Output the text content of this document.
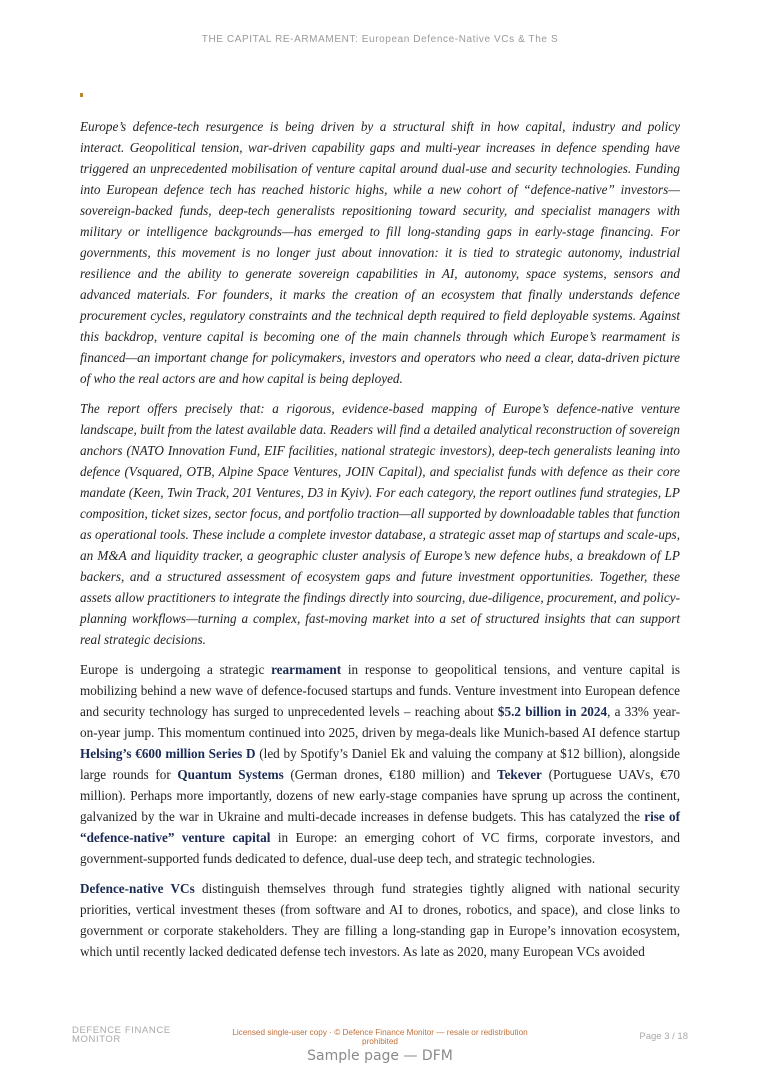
THE CAPITAL RE-ARMAMENT: European Defence-Native VCs & The S

Europe’s defence-tech resurgence is being driven by a structural shift in how capital, industry and policy interact. Geopolitical tension, war-driven capability gaps and multi-year increases in defence spending have triggered an unprecedented mobilisation of venture capital around dual-use and security technologies. Funding into European defence tech has reached historic highs, while a new cohort of “defence-native” investors—sovereign-backed funds, deep-tech generalists repositioning toward security, and specialist managers with military or intelligence backgrounds—has emerged to fill long-standing gaps in early-stage financing. For governments, this movement is no longer just about innovation: it is tied to strategic autonomy, industrial resilience and the ability to generate sovereign capabilities in AI, autonomy, space systems, sensors and advanced materials. For founders, it marks the creation of an ecosystem that finally understands defence procurement cycles, regulatory constraints and the technical depth required to field deployable systems. Against this backdrop, venture capital is becoming one of the main channels through which Europe’s rearmament is financed—an important change for policymakers, investors and operators who need a clear, data-driven picture of who the real actors are and how capital is being deployed.

The report offers precisely that: a rigorous, evidence-based mapping of Europe’s defence-native venture landscape, built from the latest available data. Readers will find a detailed analytical reconstruction of sovereign anchors (NATO Innovation Fund, EIF facilities, national strategic investors), deep-tech generalists leaning into defence (Vsquared, OTB, Alpine Space Ventures, JOIN Capital), and specialist funds with defence as their core mandate (Keen, Twin Track, 201 Ventures, D3 in Kyiv). For each category, the report outlines fund strategies, LP composition, ticket sizes, sector focus, and portfolio traction—all supported by downloadable tables that function as operational tools. These include a complete investor database, a strategic asset map of startups and scale-ups, an M&A and liquidity tracker, a geographic cluster analysis of Europe’s new defence hubs, a breakdown of LP backers, and a structured assessment of ecosystem gaps and future investment opportunities. Together, these assets allow practitioners to integrate the findings directly into sourcing, due-diligence, procurement, and policy-planning workflows—turning a complex, fast-moving market into a set of structured insights that can support real strategic decisions.

Europe is undergoing a strategic rearmament in response to geopolitical tensions, and venture capital is mobilizing behind a new wave of defence-focused startups and funds. Venture investment into European defence and security technology has surged to unprecedented levels – reaching about $5.2 billion in 2024, a 33% year-on-year jump. This momentum continued into 2025, driven by mega-deals like Munich-based AI defence startup Helsing’s €600 million Series D (led by Spotify’s Daniel Ek and valuing the company at $12 billion), alongside large rounds for Quantum Systems (German drones, €180 million) and Tekever (Portuguese UAVs, €70 million). Perhaps more importantly, dozens of new early-stage companies have sprung up across the continent, galvanized by the war in Ukraine and multi-decade increases in defense budgets. This has catalyzed the rise of “defence-native” venture capital in Europe: an emerging cohort of VC firms, corporate investors, and government-supported funds dedicated to defence, dual-use deep tech, and strategic technologies.

Defence-native VCs distinguish themselves through fund strategies tightly aligned with national security priorities, vertical investment theses (from software and AI to drones, robotics, and space), and close links to government or corporate stakeholders. They are filling a long-standing gap in Europe’s innovation ecosystem, which until recently lacked dedicated defense tech investors. As late as 2020, many European VCs avoided

DEFENCE FINANCE
MONITOR
Licensed single-user copy · © Defence Finance Monitor — resale or redistribution prohibited	Page 3 / 18
Sample page — DFM
